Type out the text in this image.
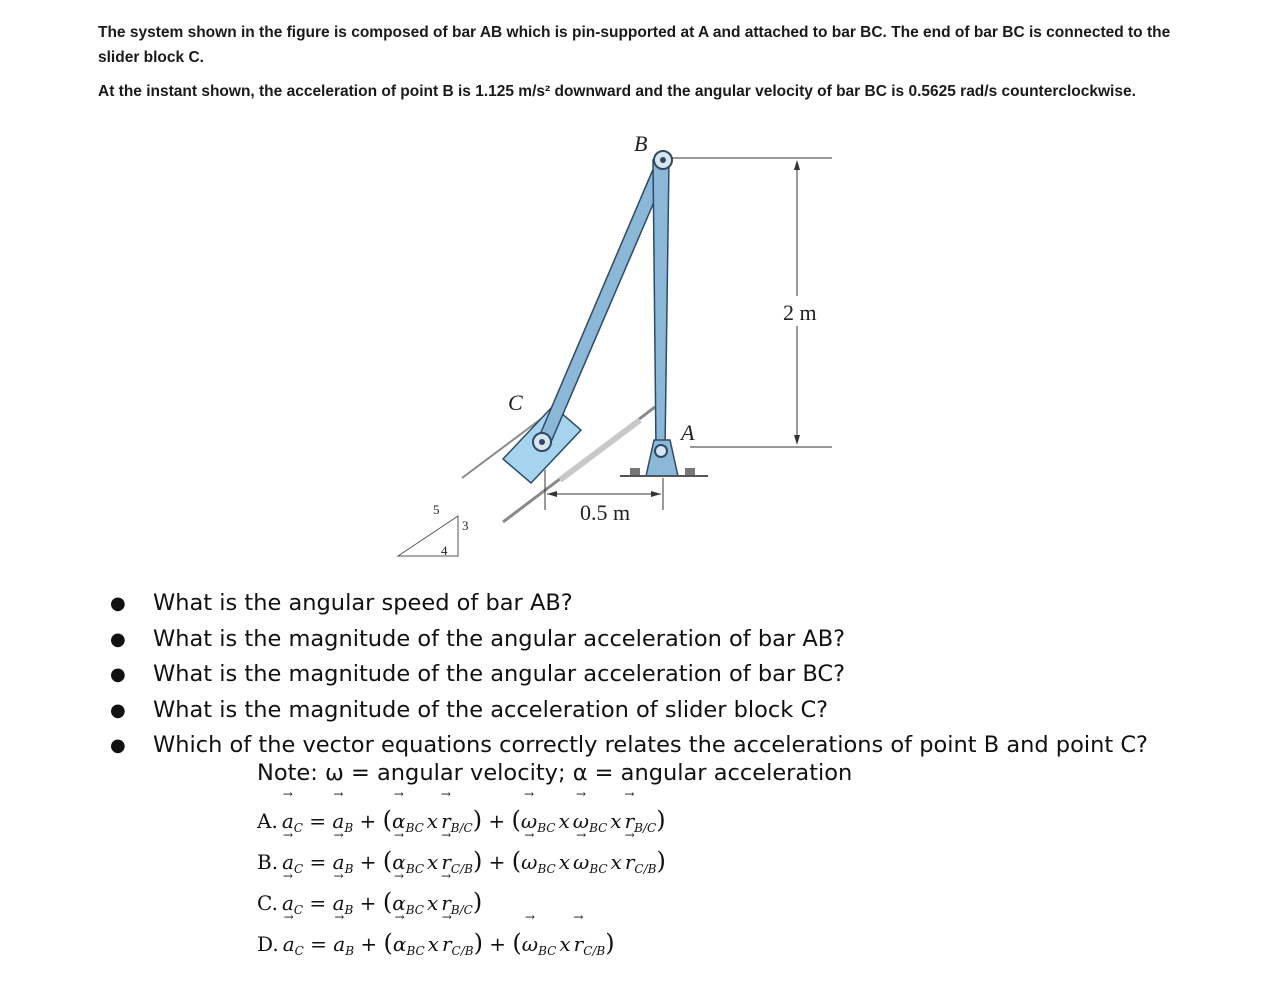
The system shown in the figure is composed of bar AB which is pin-supported at A and attached to bar BC. The end of bar BC is connected to the slider block C.
At the instant shown, the acceleration of point B is 1.125 m/s² downward and the angular velocity of bar BC is 0.5625 rad/s counterclockwise.
2 m
0.5 m
5
3
4
B
C
A
● What is the angular speed of bar AB?
● What is the magnitude of the angular acceleration of bar AB?
● What is the magnitude of the angular acceleration of bar BC?
● What is the magnitude of the acceleration of slider block C?
● Which of the vector equations correctly relates the accelerations of point B and point C?
Note: ω = angular velocity; α = angular acceleration
$A.\to a_C$ = → $a_B$ + (→ $\alpha_{BC}$ $x\to r_{B/C}$) + (→ $\omega_{BC}$ $x\to \omega_{BC}$ $x\to r_{B/C}$)
$B.\to a_C$ = → $a_B$ + (→ $\alpha_{BC}$ $x\to r_{C/B}$) + (→ $\omega_{BC}$ $x\to \omega_{BC}$ $x\to r_{C/B}$)
$C.\to a_C$ = → $a_B$ + (→ $\alpha_{BC}$ $x\to r_{B/C}$)
$D.\to a_C$ = → $a_B$ + (→ $\alpha_{BC}$ $x\to r_{C/B}$) + (→ $\omega_{BC}$ $x\to r_{C/B}$)
